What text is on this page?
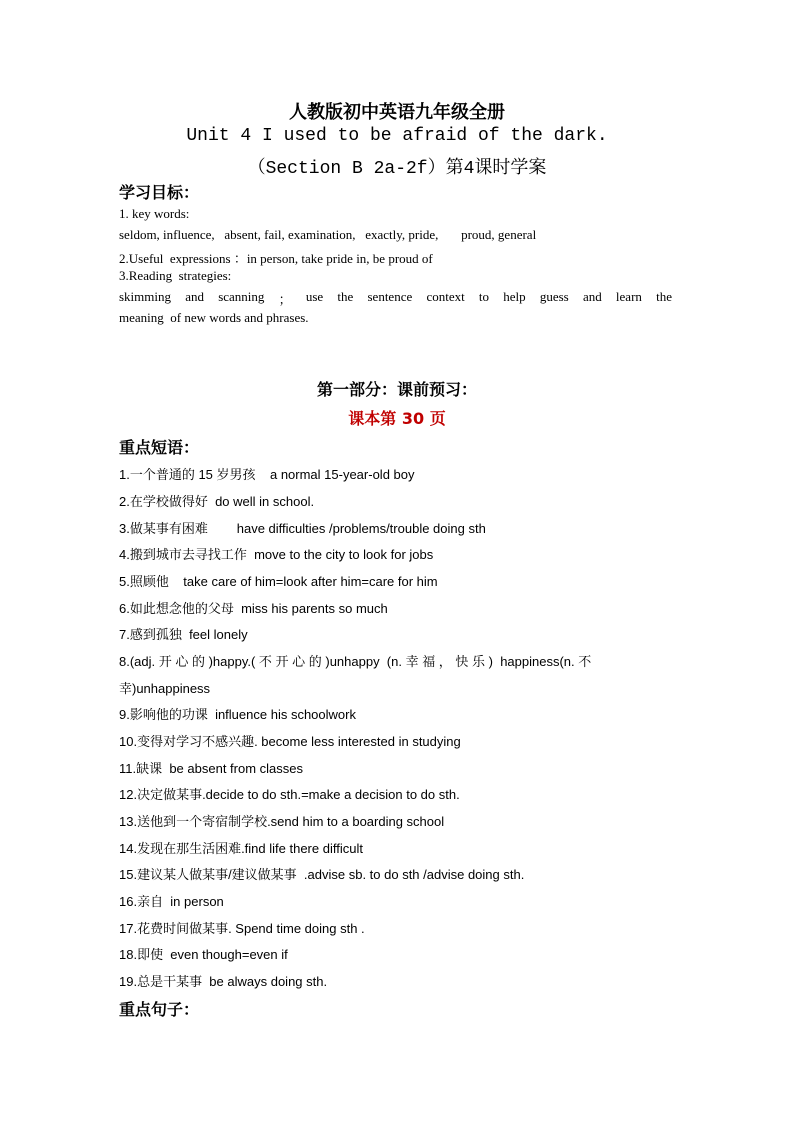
人教版初中英语九年级全册
Unit 4 I used to be afraid of the dark.
（Section B 2a-2f）第4课时学案
学习目标：
1. key words:
seldom, influence,   absent, fail, examination,   exactly, pride,       proud, general
2.Useful  expressions ：in person, take pride in, be proud of
3.Reading  strategies:
skimming and scanning ； use the sentence context to help guess and learn the
meaning  of new words and phrases.
第一部分：课前预习：
课本第 30 页
重点短语：
1.一个普通的 15 岁男孩    a normal 15-year-old boy
2.在学校做得好  do well in school.
3.做某事有困难        have difficulties /problems/trouble doing sth
4.搬到城市去寻找工作  move to the city to look for jobs
5.照顾他    take care of him=look after him=care for him
6.如此想念他的父母  miss his parents so much
7.感到孤独  feel lonely
8.(adj. 开 心 的 )happy.( 不 开 心 的 )unhappy  (n. 幸 福 ， 快 乐 )  happiness(n. 不
幸)unhappiness
9.影响他的功课  influence his schoolwork
10.变得对学习不感兴趣. become less interested in studying
11.缺课  be absent from classes
12.决定做某事.decide to do sth.=make a decision to do sth.
13.送他到一个寄宿制学校.send him to a boarding school
14.发现在那生活困难.find life there difficult
15.建议某人做某事/建议做某事  .advise sb. to do sth /advise doing sth.
16.亲自  in person
17.花费时间做某事. Spend time doing sth .
18.即使  even though=even if
19.总是干某事  be always doing sth.
重点句子：
